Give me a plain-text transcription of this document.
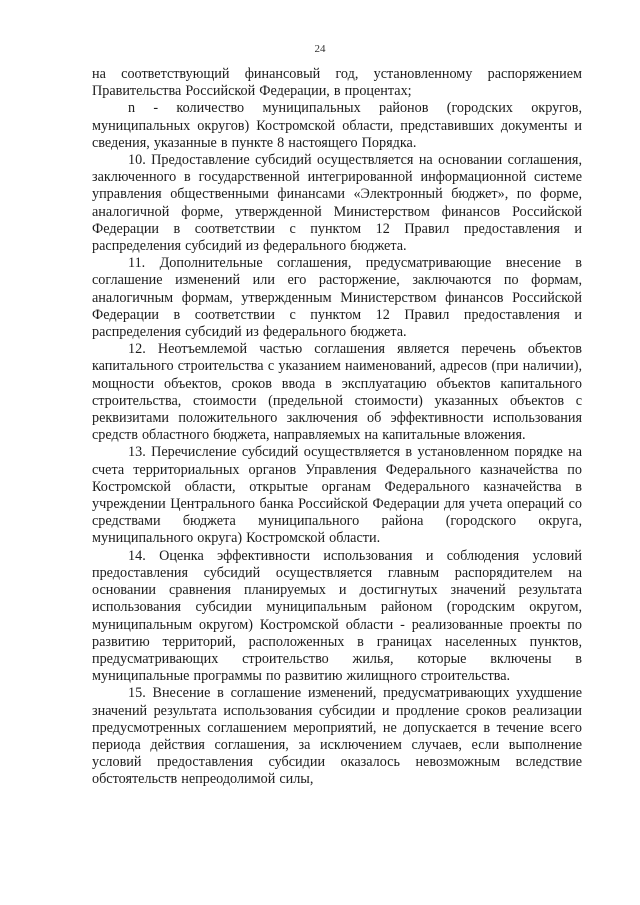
24

на соответствующий финансовый год, установленному распоряжением Правительства Российской Федерации, в процентах;

n - количество муниципальных районов (городских округов, муниципальных округов) Костромской области, представивших документы и сведения, указанные в пункте 8 настоящего Порядка.

10. Предоставление субсидий осуществляется на основании соглашения, заключенного в государственной интегрированной информационной системе управления общественными финансами «Электронный бюджет», по форме, аналогичной форме, утвержденной Министерством финансов Российской Федерации в соответствии с пунктом 12 Правил предоставления и распределения субсидий из федерального бюджета.

11. Дополнительные соглашения, предусматривающие внесение в соглашение изменений или его расторжение, заключаются по формам, аналогичным формам, утвержденным Министерством финансов Российской Федерации в соответствии с пунктом 12 Правил предоставления и распределения субсидий из федерального бюджета.

12. Неотъемлемой частью соглашения является перечень объектов капитального строительства с указанием наименований, адресов (при наличии), мощности объектов, сроков ввода в эксплуатацию объектов капитального строительства, стоимости (предельной стоимости) указанных объектов с реквизитами положительного заключения об эффективности использования средств областного бюджета, направляемых на капитальные вложения.

13. Перечисление субсидий осуществляется в установленном порядке на счета территориальных органов Управления Федерального казначейства по Костромской области, открытые органам Федерального казначейства в учреждении Центрального банка Российской Федерации для учета операций со средствами бюджета муниципального района (городского округа, муниципального округа) Костромской области.

14. Оценка эффективности использования и соблюдения условий предоставления субсидий осуществляется главным распорядителем на основании сравнения планируемых и достигнутых значений результата использования субсидии муниципальным районом (городским округом, муниципальным округом) Костромской области - реализованные проекты по развитию территорий, расположенных в границах населенных пунктов, предусматривающих строительство жилья, которые включены в муниципальные программы по развитию жилищного строительства.

15. Внесение в соглашение изменений, предусматривающих ухудшение значений результата использования субсидии и продление сроков реализации предусмотренных соглашением мероприятий, не допускается в течение всего периода действия соглашения, за исключением случаев, если выполнение условий предоставления субсидии оказалось невозможным вследствие обстоятельств непреодолимой силы,
